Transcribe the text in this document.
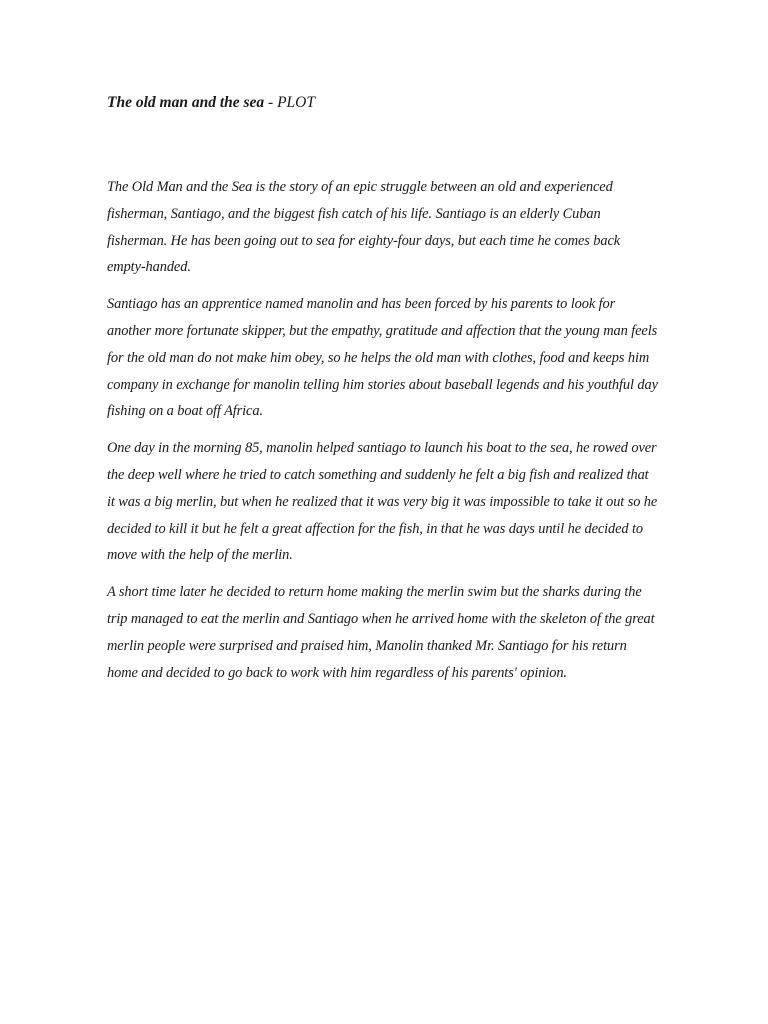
The old man and the sea - PLOT

The Old Man and the Sea is the story of an epic struggle between an old and experienced fisherman, Santiago, and the biggest fish catch of his life. Santiago is an elderly Cuban fisherman. He has been going out to sea for eighty-four days, but each time he comes back empty-handed.

Santiago has an apprentice named manolin and has been forced by his parents to look for another more fortunate skipper, but the empathy, gratitude and affection that the young man feels for the old man do not make him obey, so he helps the old man with clothes, food and keeps him company in exchange for manolin telling him stories about baseball legends and his youthful day fishing on a boat off Africa.

One day in the morning 85, manolin helped santiago to launch his boat to the sea, he rowed over the deep well where he tried to catch something and suddenly he felt a big fish and realized that it was a big merlin, but when he realized that it was very big it was impossible to take it out so he decided to kill it but he felt a great affection for the fish, in that he was days until he decided to move with the help of the merlin.

A short time later he decided to return home making the merlin swim but the sharks during the trip managed to eat the merlin and Santiago when he arrived home with the skeleton of the great merlin people were surprised and praised him, Manolin thanked Mr. Santiago for his return home and decided to go back to work with him regardless of his parents' opinion.
